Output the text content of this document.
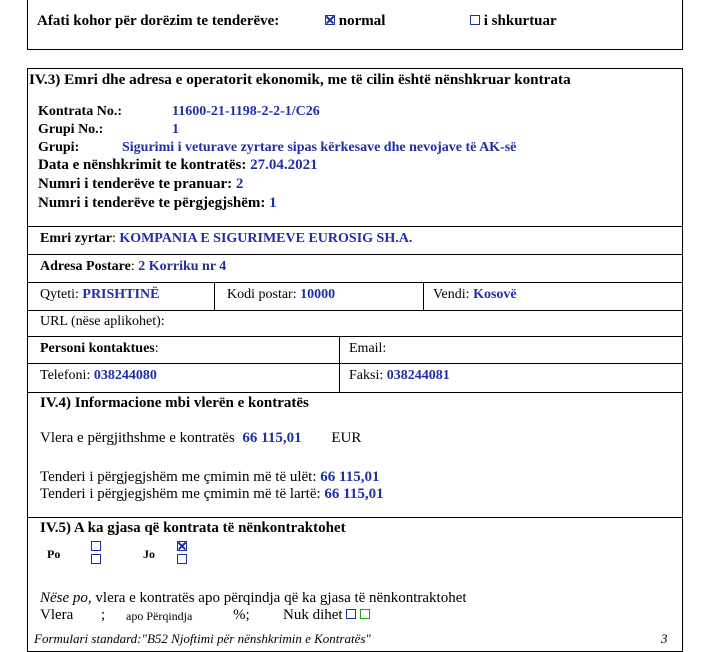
Afati kohor për dorëzim te tenderëve:	normal	i shkurtuar
IV.3) Emri dhe adresa e operatorit ekonomik, me të cilin është nënshkruar kontrata
Kontrata No.:	11600-21-1198-2-2-1/C26
Grupi No.:	1
Grupi:	Sigurimi i veturave zyrtare sipas kërkesave dhe nevojave të AK-së
Data e nënshkrimit te kontratës: 27.04.2021
Numri i tenderëve te pranuar: 2
Numri i tenderëve te përgjegjshëm: 1
Emri zyrtar: KOMPANIA E SIGURIMEVE EUROSIG SH.A.
Adresa Postare: 2 Korriku nr 4
Qyteti: PRISHTINË	Kodi postar: 10000	Vendi: Kosovë
URL (nëse aplikohet):
Personi kontaktues:	Email:
Telefoni: 038244080	Faksi: 038244081
IV.4) Informacione mbi vlerën e kontratës
Vlera e përgjithshme e kontratës 66 115,01 EUR
Tenderi i përgjegjshëm me çmimin më të ulët: 66 115,01
Tenderi i përgjegjshëm me çmimin më të lartë: 66 115,01
IV.5) A ka gjasa që kontrata të nënkontraktohet
Po	Jo

Nëse po, vlera e kontratës apo përqindja që ka gjasa të nënkontraktohet
Vlera ; apo Përqindja	%; Nuk dihet
Formulari standard:"B52 Njoftimi për nënshkrimin e Kontratës"	3
